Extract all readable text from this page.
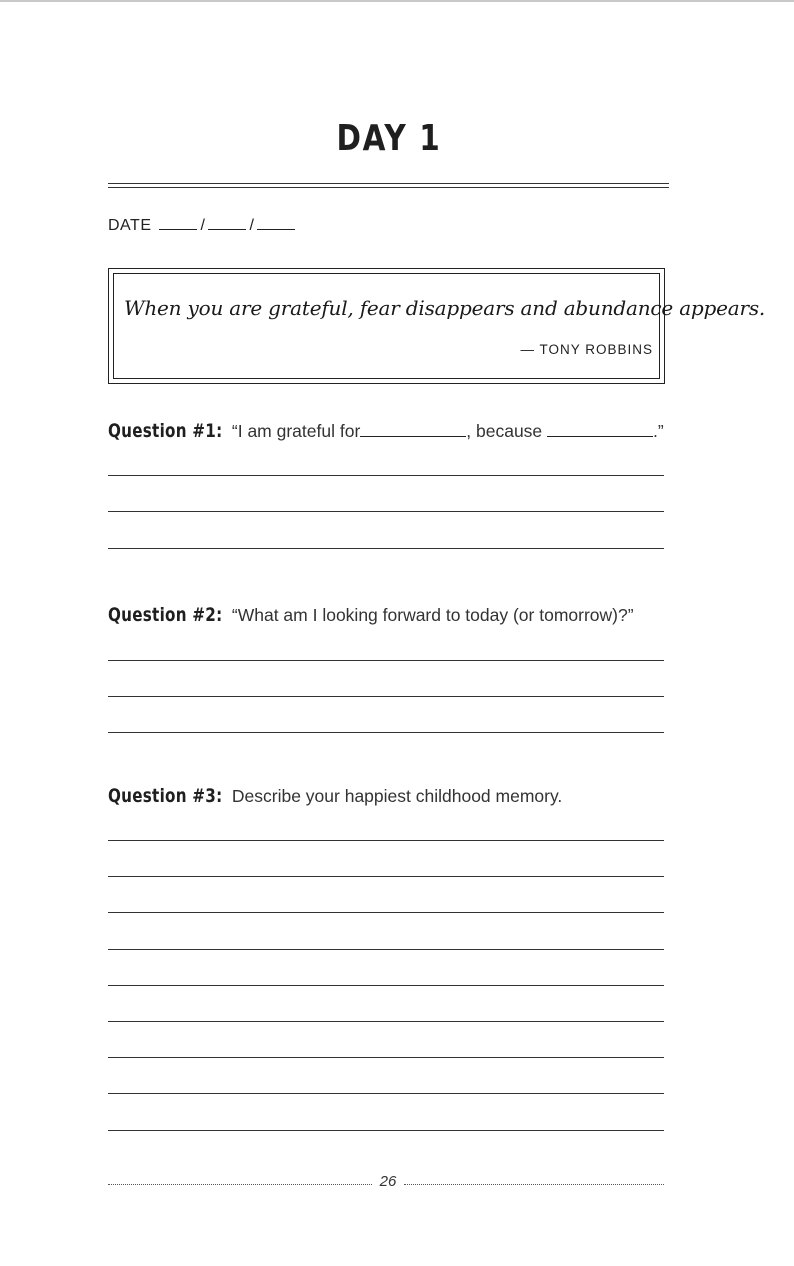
DAY 1
DATE	/	/
When you are grateful, fear disappears and abundance appears.
— TONY ROBBINS
Question #1: “I am grateful for	, because	.”
Question #2: “What am I looking forward to today (or tomorrow)?”
Question #3: Describe your happiest childhood memory.
26
